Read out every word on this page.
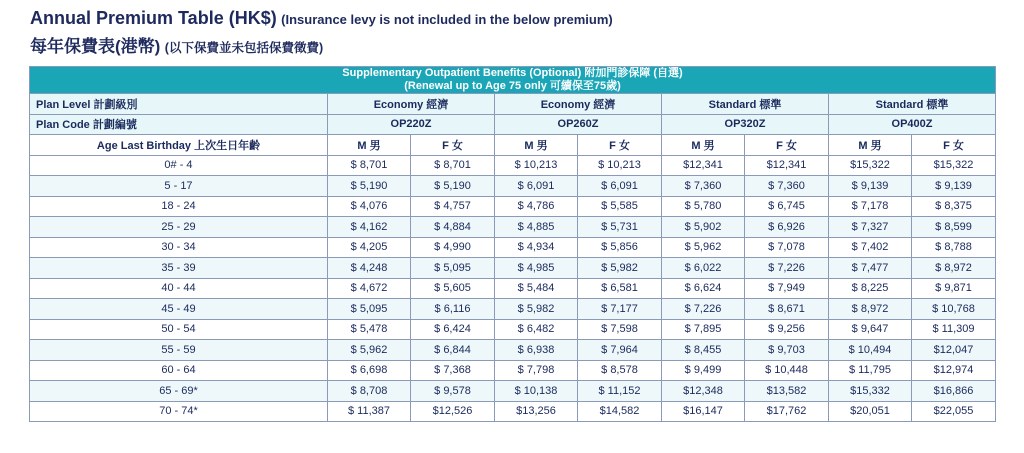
Annual Premium Table (HK$) (Insurance levy is not included in the below premium)
每年保費表(港幣) (以下保費並未包括保費徵費)
Supplementary Outpatient Benefits (Optional) 附加門診保障 (自選)
(Renewal up to Age 75 only 可續保至75歲)								

Plan Level 計劃級別	Economy 經濟		Economy 經濟		Standard 標準		Standard 標準	
Plan Code 計劃編號	OP220Z		OP260Z		OP320Z		OP400Z	
Age Last Birthday 上次生日年齡	M 男	F 女	M 男	F 女	M 男	F 女	M 男	F 女
0# - 4	$ 8,701	$ 8,701	$ 10,213	$ 10,213	$12,341	$12,341	$15,322	$15,322
5 - 17	$ 5,190	$ 5,190	$ 6,091	$ 6,091	$ 7,360	$ 7,360	$ 9,139	$ 9,139
18 - 24	$ 4,076	$ 4,757	$ 4,786	$ 5,585	$ 5,780	$ 6,745	$ 7,178	$ 8,375
25 - 29	$ 4,162	$ 4,884	$ 4,885	$ 5,731	$ 5,902	$ 6,926	$ 7,327	$ 8,599
30 - 34	$ 4,205	$ 4,990	$ 4,934	$ 5,856	$ 5,962	$ 7,078	$ 7,402	$ 8,788
35 - 39	$ 4,248	$ 5,095	$ 4,985	$ 5,982	$ 6,022	$ 7,226	$ 7,477	$ 8,972
40 - 44	$ 4,672	$ 5,605	$ 5,484	$ 6,581	$ 6,624	$ 7,949	$ 8,225	$ 9,871
45 - 49	$ 5,095	$ 6,116	$ 5,982	$ 7,177	$ 7,226	$ 8,671	$ 8,972	$ 10,768
50 - 54	$ 5,478	$ 6,424	$ 6,482	$ 7,598	$ 7,895	$ 9,256	$ 9,647	$ 11,309
55 - 59	$ 5,962	$ 6,844	$ 6,938	$ 7,964	$ 8,455	$ 9,703	$ 10,494	$12,047
60 - 64	$ 6,698	$ 7,368	$ 7,798	$ 8,578	$ 9,499	$ 10,448	$ 11,795	$12,974
65 - 69*	$ 8,708	$ 9,578	$ 10,138	$ 11,152	$12,348	$13,582	$15,332	$16,866
70 - 74*	$ 11,387	$12,526	$13,256	$14,582	$16,147	$17,762	$20,051	$22,055
